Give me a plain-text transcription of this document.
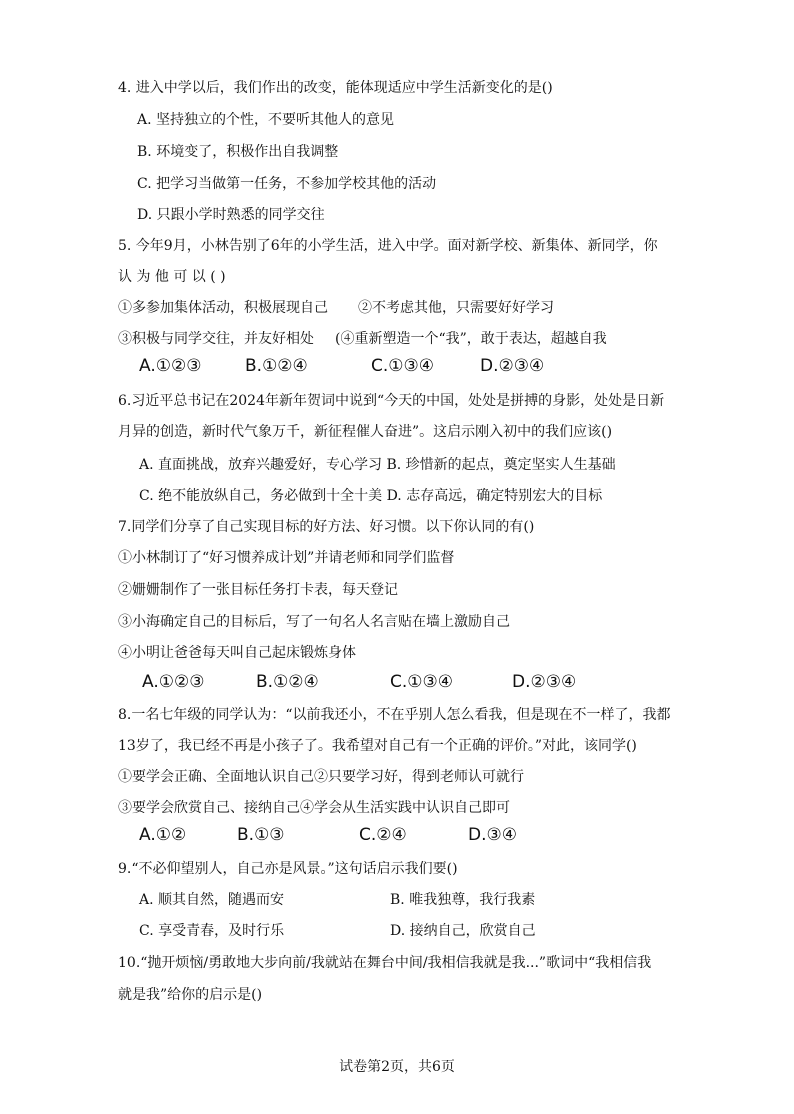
4. 进入中学以后，我们作出的改变，能体现适应中学生活新变化的是()
A. 坚持独立的个性，不要听其他人的意见
B. 环境变了，积极作出自我调整
C. 把学习当做第一任务，不参加学校其他的活动
D. 只跟小学时熟悉的同学交往
5. 今年9月，小林告别了6年的小学生活，进入中学。面对新学校、新集体、新同学，你
认 为 他 可 以 ( )
①多参加集体活动，积极展现自己 ②不考虑其他，只需要好好学习
③积极与同学交往，并友好相处 (④重新塑造一个“我”，敢于表达，超越自我
A.①②③	B.①②④	C.①③④	D.②③④
6.习近平总书记在2024年新年贺词中说到“今天的中国，处处是拼搏的身影，处处是日新
月异的创造，新时代气象万千，新征程催人奋进”。这启示刚入初中的我们应该()
A. 直面挑战，放弃兴趣爱好，专心学习 B. 珍惜新的起点，奠定坚实人生基础
C. 绝不能放纵自己，务必做到十全十美 D. 志存高远，确定特别宏大的目标
7.同学们分享了自己实现目标的好方法、好习惯。以下你认同的有()
①小林制订了“好习惯养成计划”并请老师和同学们监督
②姗姗制作了一张目标任务打卡表，每天登记
③小海确定自己的目标后，写了一句名人名言贴在墙上激励自己
④小明让爸爸每天叫自己起床锻炼身体
A.①②③	B.①②④	C.①③④	D.②③④
8.一名七年级的同学认为：“以前我还小，不在乎别人怎么看我，但是现在不一样了，我都
13岁了，我已经不再是小孩子了。我希望对自己有一个正确的评价。”对此，该同学()
①要学会正确、全面地认识自己②只要学习好，得到老师认可就行
③要学会欣赏自己、接纳自己④学会从生活实践中认识自己即可
A.①②	B.①③	C.②④	D.③④
9.“不必仰望别人，自己亦是风景。”这句话启示我们要()
A. 顺其自然，随遇而安	B. 唯我独尊，我行我素
C. 享受青春，及时行乐	D. 接纳自己，欣赏自己
10.“抛开烦恼/勇敢地大步向前/我就站在舞台中间/我相信我就是我...”歌词中“我相信我
就是我”给你的启示是()
试卷第2页，共6页
